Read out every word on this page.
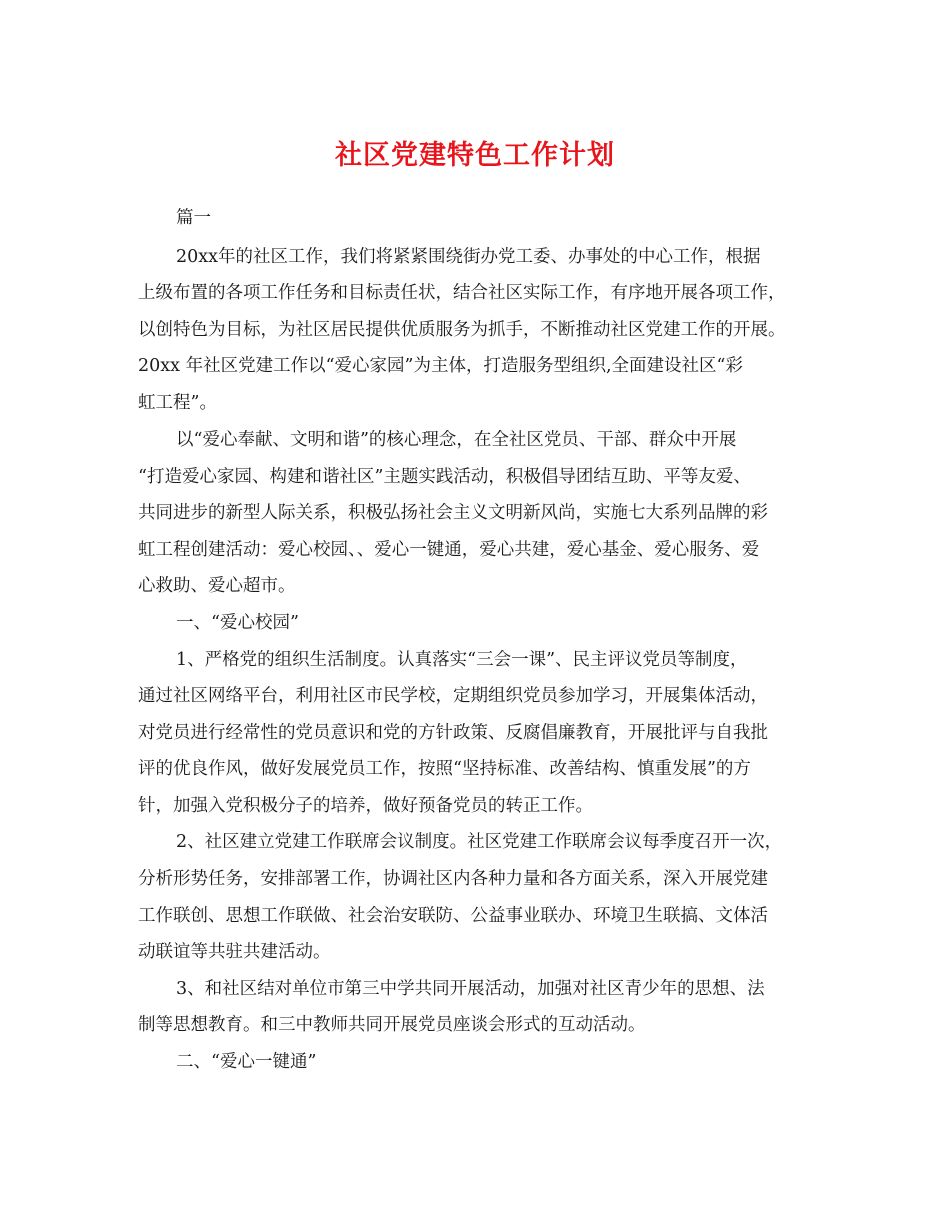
社区党建特色工作计划

篇一

20xx年的社区工作，我们将紧紧围绕街办党工委、办事处的中心工作，根据

上级布置的各项工作任务和目标责任状，结合社区实际工作，有序地开展各项工作，

以创特色为目标，为社区居民提供优质服务为抓手，不断推动社区党建工作的开展。

20xx 年社区党建工作以“爱心家园”为主体，打造服务型组织,全面建设社区“彩

虹工程”。

以“爱心奉献、文明和谐”的核心理念，在全社区党员、干部、群众中开展

“打造爱心家园、构建和谐社区”主题实践活动，积极倡导团结互助、平等友爱、

共同进步的新型人际关系，积极弘扬社会主义文明新风尚，实施七大系列品牌的彩

虹工程创建活动：爱心校园、、爱心一键通，爱心共建，爱心基金、爱心服务、爱

心救助、爱心超市。

一、“爱心校园”

1、严格党的组织生活制度。认真落实“三会一课”、民主评议党员等制度，

通过社区网络平台，利用社区市民学校，定期组织党员参加学习，开展集体活动，

对党员进行经常性的党员意识和党的方针政策、反腐倡廉教育，开展批评与自我批

评的优良作风，做好发展党员工作，按照“坚持标准、改善结构、慎重发展”的方

针，加强入党积极分子的培养，做好预备党员的转正工作。

2、社区建立党建工作联席会议制度。社区党建工作联席会议每季度召开一次，

分析形势任务，安排部署工作，协调社区内各种力量和各方面关系，深入开展党建

工作联创、思想工作联做、社会治安联防、公益事业联办、环境卫生联搞、文体活

动联谊等共驻共建活动。

3、和社区结对单位市第三中学共同开展活动，加强对社区青少年的思想、法

制等思想教育。和三中教师共同开展党员座谈会形式的互动活动。

二、“爱心一键通”
